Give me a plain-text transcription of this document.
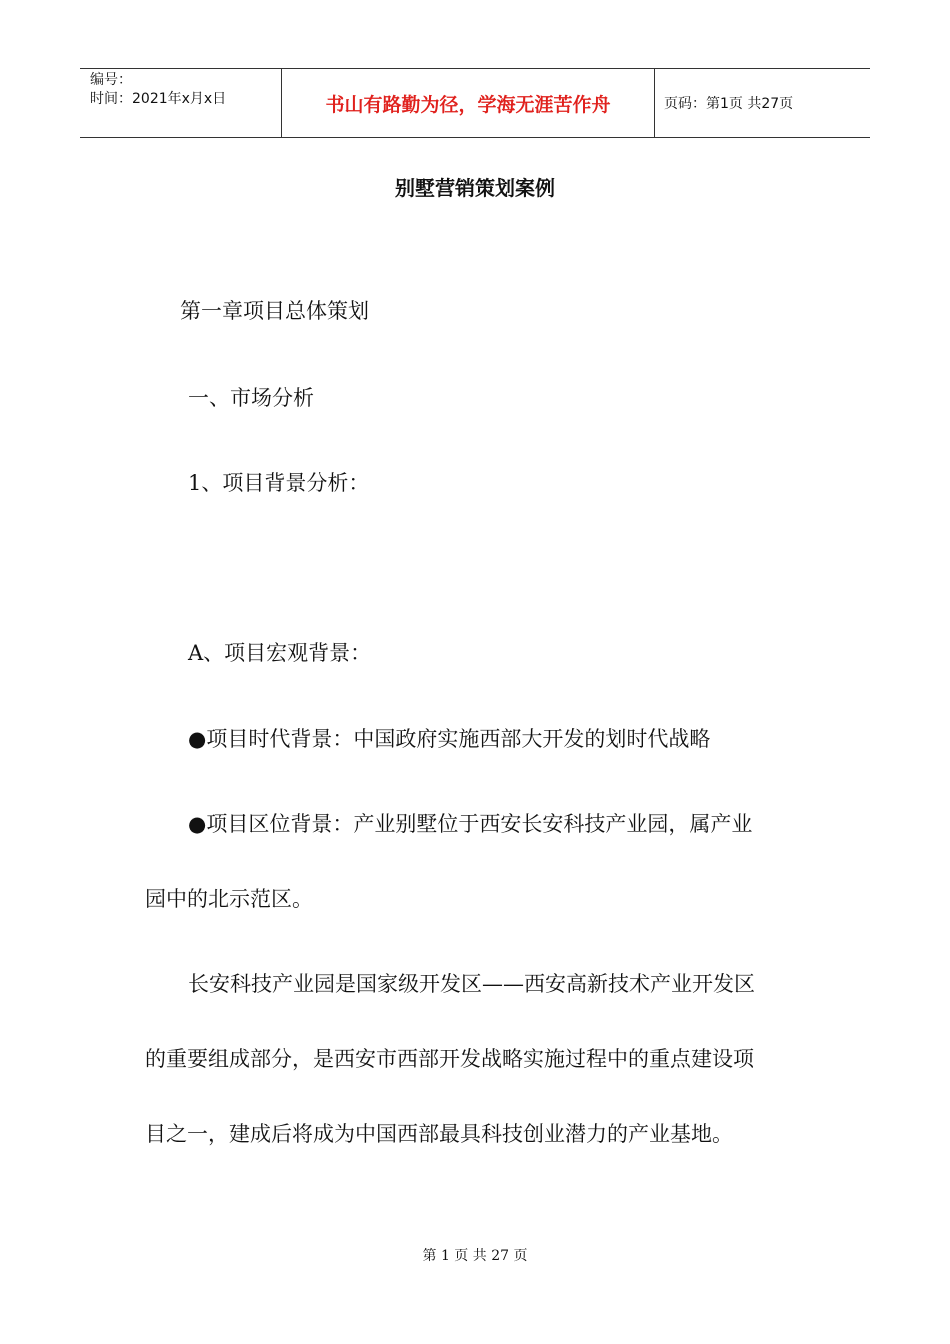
编号：
时间：2021年x月x日	书山有路勤为径，学海无涯苦作舟	页码：第1页 共27页
别墅营销策划案例
第一章项目总体策划
一、市场分析
1、项目背景分析：
A、项目宏观背景：
●项目时代背景：中国政府实施西部大开发的划时代战略
●项目区位背景：产业别墅位于西安长安科技产业园，属产业
园中的北示范区。
长安科技产业园是国家级开发区——西安高新技术产业开发区
的重要组成部分，是西安市西部开发战略实施过程中的重点建设项
目之一，建成后将成为中国西部最具科技创业潜力的产业基地。
第 1 页 共 27 页
